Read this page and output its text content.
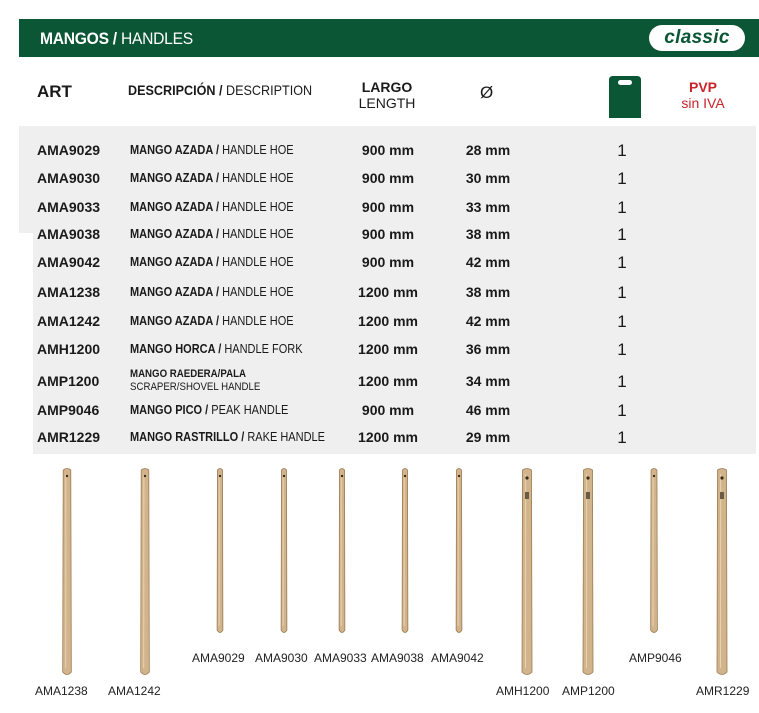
MANGOS / HANDLES	classic
ART	DESCRIPCIÓN / DESCRIPTION	LARGO
LENGTH
Ø	PVP
sin IVA
AMA9029 MANGO AZADA / HANDLE HOE	900 mm	28 mm	1
AMA9030 MANGO AZADA / HANDLE HOE	900 mm	30 mm	1
AMA9033 MANGO AZADA / HANDLE HOE	900 mm	33 mm	1
AMA9038 MANGO AZADA / HANDLE HOE	900 mm	38 mm	1
AMA9042 MANGO AZADA / HANDLE HOE	900 mm	42 mm	1
AMA1238 MANGO AZADA / HANDLE HOE	1200 mm	38 mm	1
AMA1242 MANGO AZADA / HANDLE HOE	1200 mm	42 mm	1
AMH1200 MANGO HORCA / HANDLE FORK	1200 mm	36 mm	1
AMP1200	MANGO RAEDERA/PALA
SCRAPER/SHOVEL HANDLE	1200 mm	34 mm	1
AMP9046 MANGO PICO / PEAK HANDLE	900 mm	46 mm	1
AMR1229 MANGO RASTRILLO / RAKE HANDLE	1200 mm	29 mm	1
AMA1238 AMA1242
AMA9029 AMA9030 AMA9033 AMA9038 AMA9042
AMH1200 AMP1200
AMP9046
AMR1229
